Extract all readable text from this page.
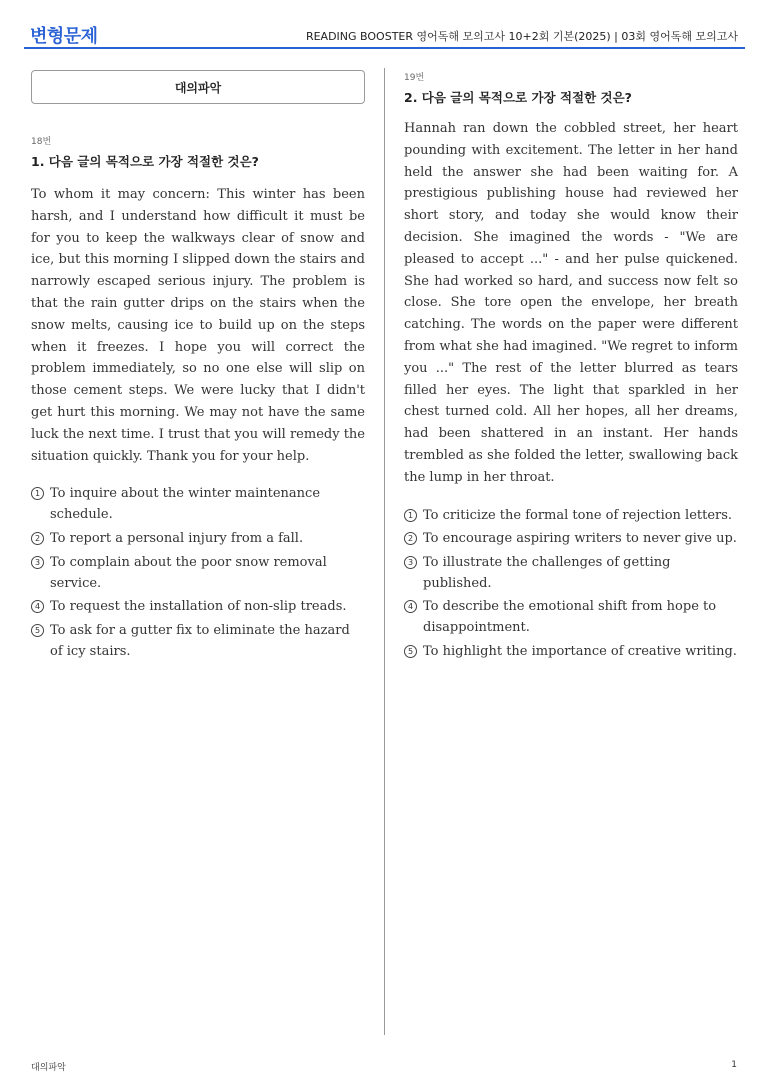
변형문제	READING BOOSTER 영어독해 모의고사 10+2회 기본(2025) | 03회 영어독해 모의고사
대의파악
18번
1. 다음 글의 목적으로 가장 적절한 것은?
To whom it may concern: This winter has been harsh, and I understand how difficult it must be for you to keep the walkways clear of snow and ice, but this morning I slipped down the stairs and narrowly escaped serious injury. The problem is that the rain gutter drips on the stairs when the snow melts, causing ice to build up on the steps when it freezes. I hope you will correct the problem immediately, so no one else will slip on those cement steps. We were lucky that I didn't get hurt this morning. We may not have the same luck the next time. I trust that you will remedy the situation quickly. Thank you for your help.
1 To inquire about the winter maintenance schedule.
2 To report a personal injury from a fall.
3 To complain about the poor snow removal service.
4 To request the installation of non-slip treads.
5 To ask for a gutter fix to eliminate the hazard of icy stairs.
19번
2. 다음 글의 목적으로 가장 적절한 것은?
Hannah ran down the cobbled street, her heart pounding with excitement. The letter in her hand held the answer she had been waiting for. A prestigious publishing house had reviewed her short story, and today she would know their decision. She imagined the words - "We are pleased to accept ..." - and her pulse quickened. She had worked so hard, and success now felt so close. She tore open the envelope, her breath catching. The words on the paper were different from what she had imagined. "We regret to inform you ..." The rest of the letter blurred as tears filled her eyes. The light that sparkled in her chest turned cold. All her hopes, all her dreams, had been shattered in an instant. Her hands trembled as she folded the letter, swallowing back the lump in her throat.
1 To criticize the formal tone of rejection letters.
2 To encourage aspiring writers to never give up.
3 To illustrate the challenges of getting published.
4 To describe the emotional shift from hope to disappointment.
5 To highlight the importance of creative writing.
대의파악	1
